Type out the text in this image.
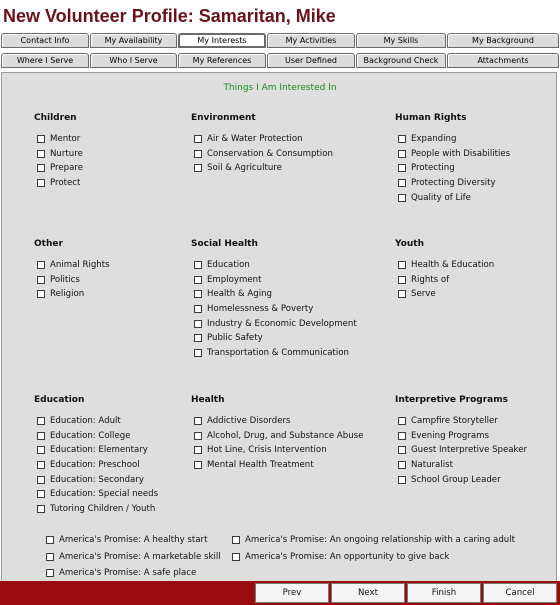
New Volunteer Profile: Samaritan, Mike
Contact Info	My Availability	My Interests	My Activities	My Skills	My Background
Where I Serve	Who I Serve	My References	User Defined	Background Check	Attachments
Things I Am Interested In
Children
Mentor
Nurture
Prepare
Protect
Environment
Air & Water Protection
Conservation & Consumption
Soil & Agriculture
Human Rights
Expanding
People with Disabilities
Protecting
Protecting Diversity
Quality of Life
Other
Animal Rights
Politics
Religion
Social Health
Education
Employment
Health & Aging
Homelessness & Poverty
Industry & Economic Development
Public Safety
Transportation & Communication
Youth
Health & Education
Rights of
Serve
Education
Education: Adult
Education: College
Education: Elementary
Education: Preschool
Education: Secondary
Education: Special needs
Tutoring Children / Youth
Health
Addictive Disorders
Alcohol, Drug, and Substance Abuse
Hot Line, Crisis Intervention
Mental Health Treatment
Interpretive Programs
Campfire Storyteller
Evening Programs
Guest Interpretive Speaker
Naturalist
School Group Leader
America's Promise: A healthy start
America's Promise: A marketable skill
America's Promise: A safe place
America's Promise: An ongoing relationship with a caring adult
America's Promise: An opportunity to give back
Prev	Next	Finish	Cancel
